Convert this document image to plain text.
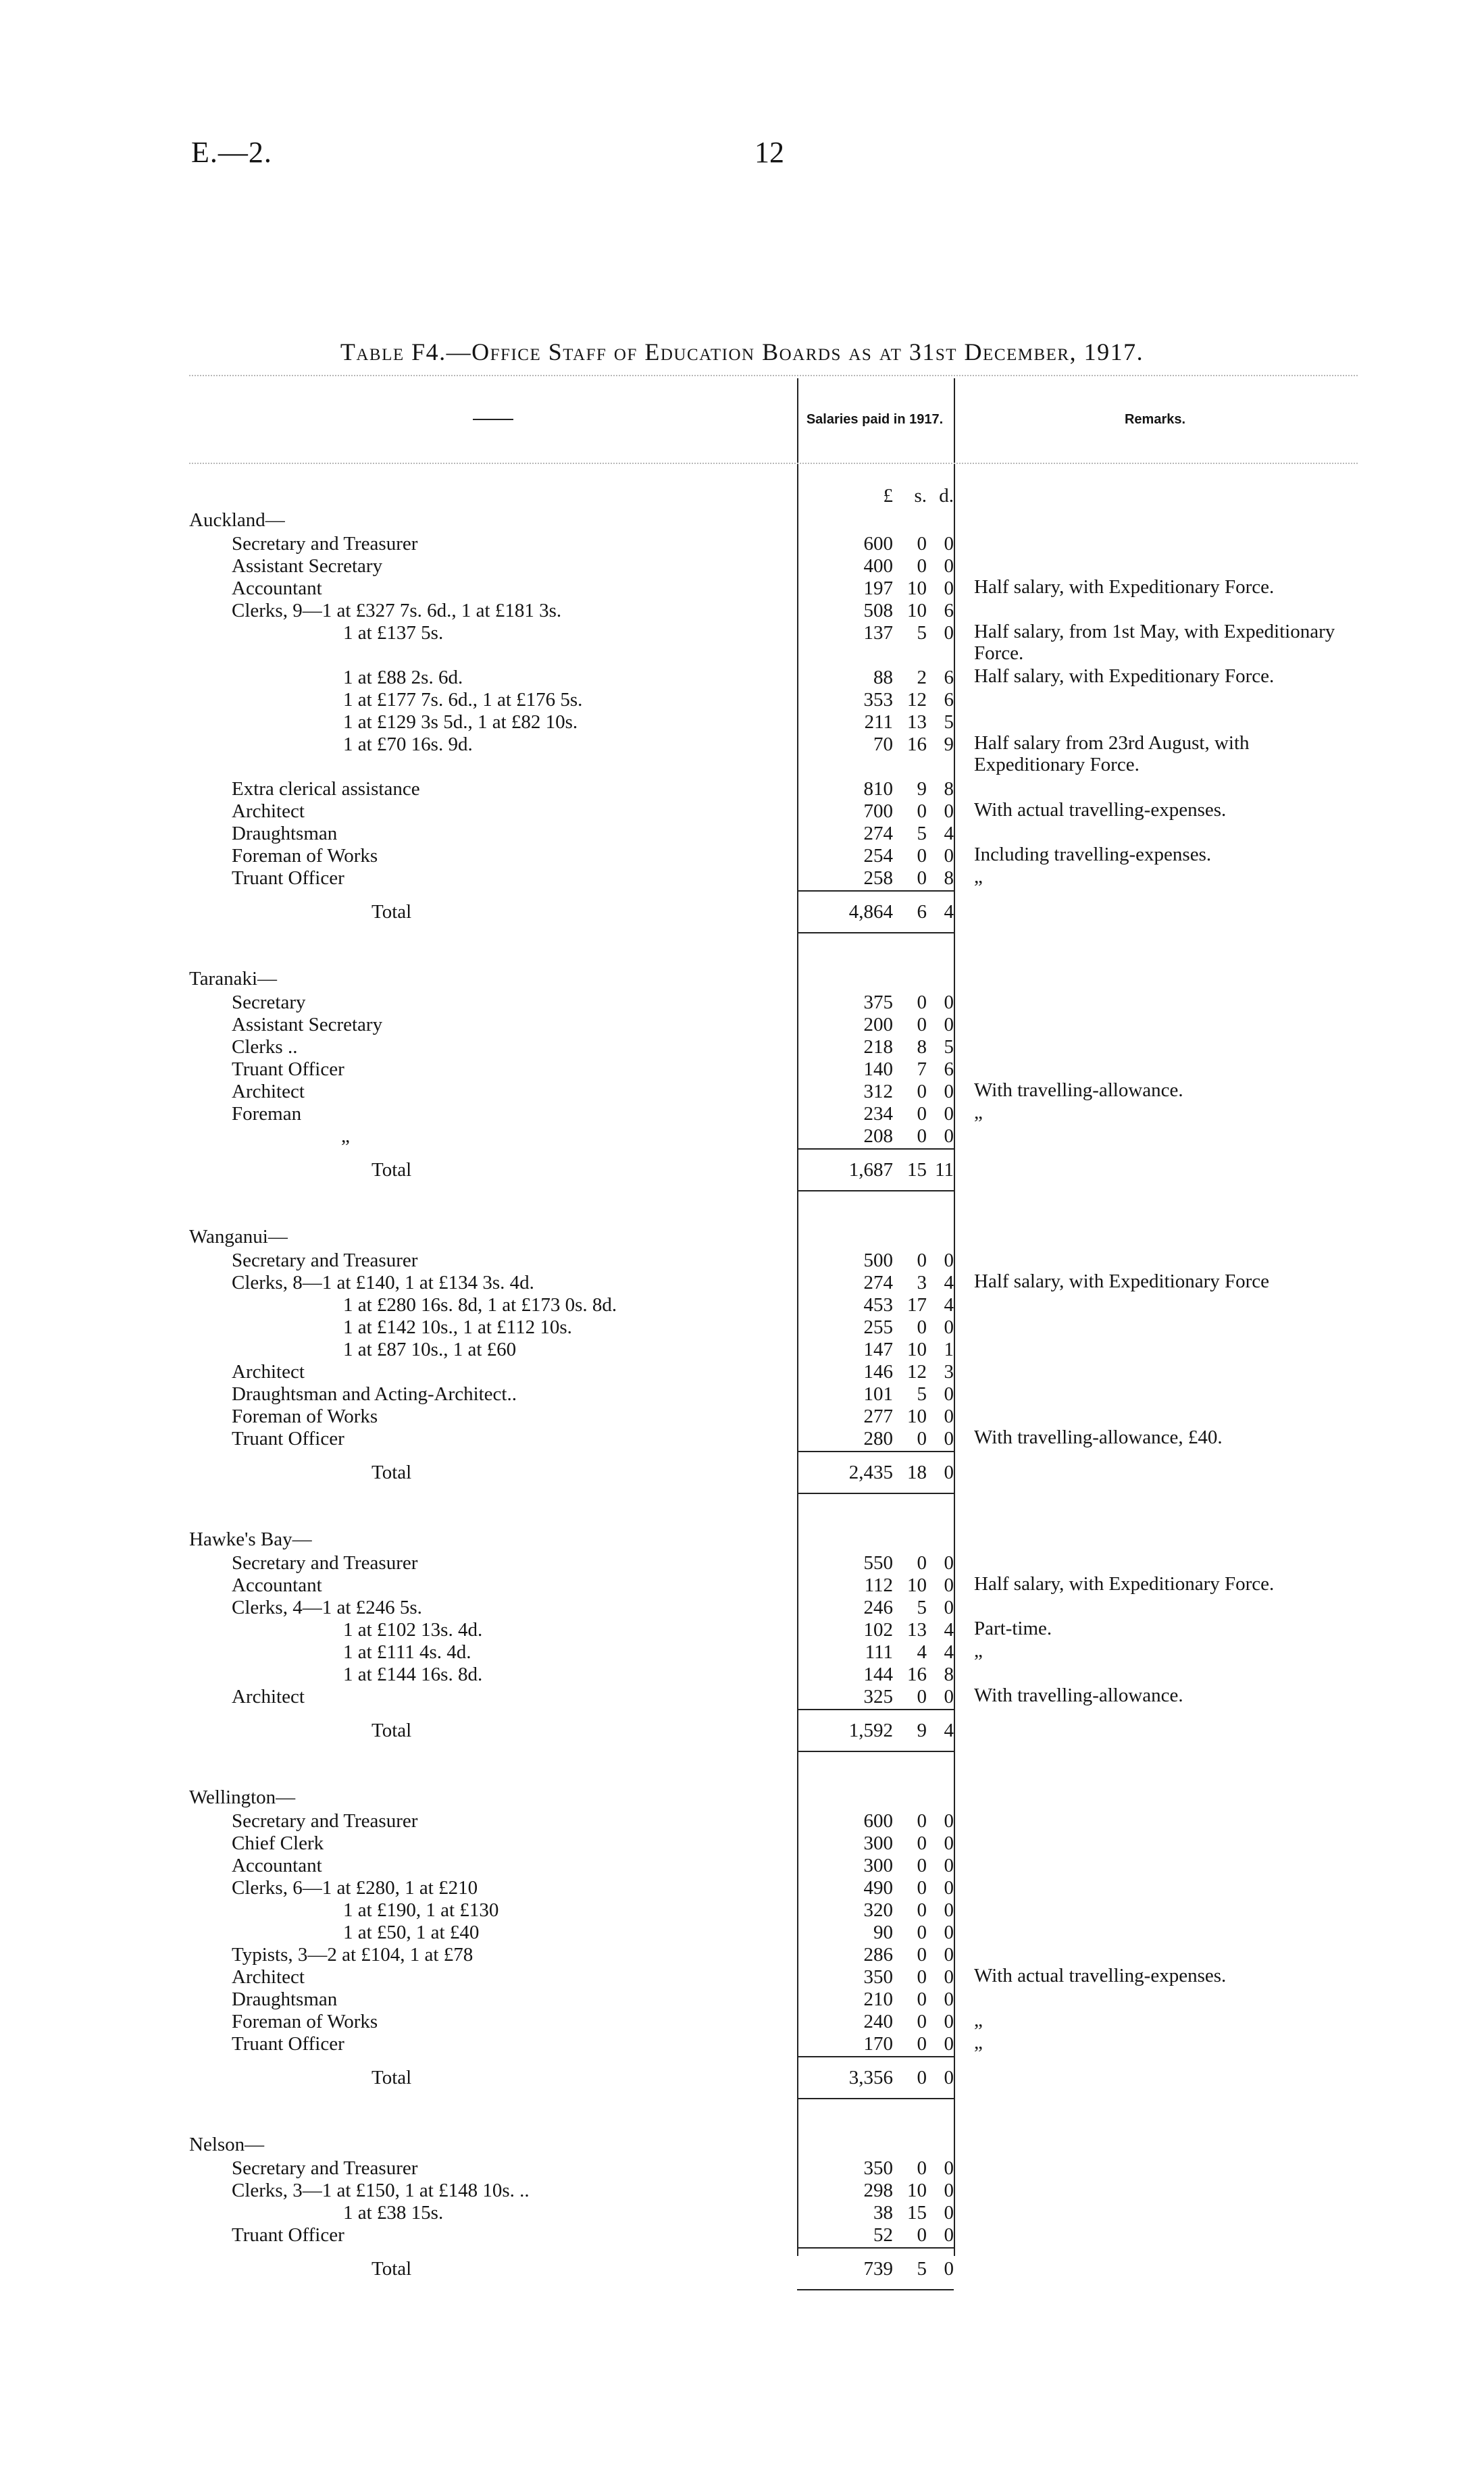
E.—2.	12
Table F4.—Office Staff of Education Boards as at 31st December, 1917.
Salaries paid in 1917.	Remarks.
£	s. d.
Auckland—
Secretary and Treasurer	600	0 0
Assistant Secretary	400	0 0
Accountant	197 10 0	Half salary, with Expeditionary Force.
Clerks, 9—1 at £327 7s. 6d., 1 at £181 3s.	508 10 6
1 at £137 5s.	137	5 0	Half salary, from 1st May, with Expeditionary Force.
1 at £88 2s. 6d.	88	2 6	Half salary, with Expeditionary Force.
1 at £177 7s. 6d., 1 at £176 5s.	353 12 6
1 at £129 3s 5d., 1 at £82 10s.	211 13 5
1 at £70 16s. 9d.	70 16 9	Half salary from 23rd August, with Expeditionary Force.
Extra clerical assistance	810	9 8
Architect	700	0 0	With actual travelling-expenses.
Draughtsman	274	5 4
Foreman of Works	254	0 0	Including travelling-expenses.
Truant Officer	258	0 8	„
Total	4,864	6 4
Taranaki—
Secretary	375	0 0
Assistant Secretary	200	0 0
Clerks ..	218	8 5
Truant Officer	140	7 6
Architect	312	0 0	With travelling-allowance.
Foreman	234	0 0	„
„	208	0 0
Total	1,687 15 11
Wanganui—
Secretary and Treasurer	500	0 0
Clerks, 8—1 at £140, 1 at £134 3s. 4d.	274	3 4	Half salary, with Expeditionary Force
1 at £280 16s. 8d, 1 at £173 0s. 8d.	453 17 4
1 at £142 10s., 1 at £112 10s.	255	0 0
1 at £87 10s., 1 at £60	147 10 1
Architect	146 12 3
Draughtsman and Acting-Architect..	101	5 0
Foreman of Works	277 10 0
Truant Officer	280	0 0	With travelling-allowance, £40.
Total	2,435 18 0
Hawke's Bay—
Secretary and Treasurer	550	0 0
Accountant	112 10 0	Half salary, with Expeditionary Force.
Clerks, 4—1 at £246 5s.	246	5 0
1 at £102 13s. 4d.	102 13 4	Part-time.
1 at £111 4s. 4d.	111	4 4	„
1 at £144 16s. 8d.	144 16 8
Architect	325	0 0	With travelling-allowance.
Total	1,592	9 4
Wellington—
Secretary and Treasurer	600	0 0
Chief Clerk	300	0 0
Accountant	300	0 0
Clerks, 6—1 at £280, 1 at £210	490	0 0
1 at £190, 1 at £130	320	0 0
1 at £50, 1 at £40	90	0 0
Typists, 3—2 at £104, 1 at £78	286	0 0
Architect	350	0 0	With actual travelling-expenses.
Draughtsman	210	0 0
Foreman of Works	240	0 0	„
Truant Officer	170	0 0	„
Total	3,356	0 0
Nelson—
Secretary and Treasurer	350	0 0
Clerks, 3—1 at £150, 1 at £148 10s. ..	298 10 0
1 at £38 15s.	38 15 0
Truant Officer	52	0 0
Total	739	5 0
